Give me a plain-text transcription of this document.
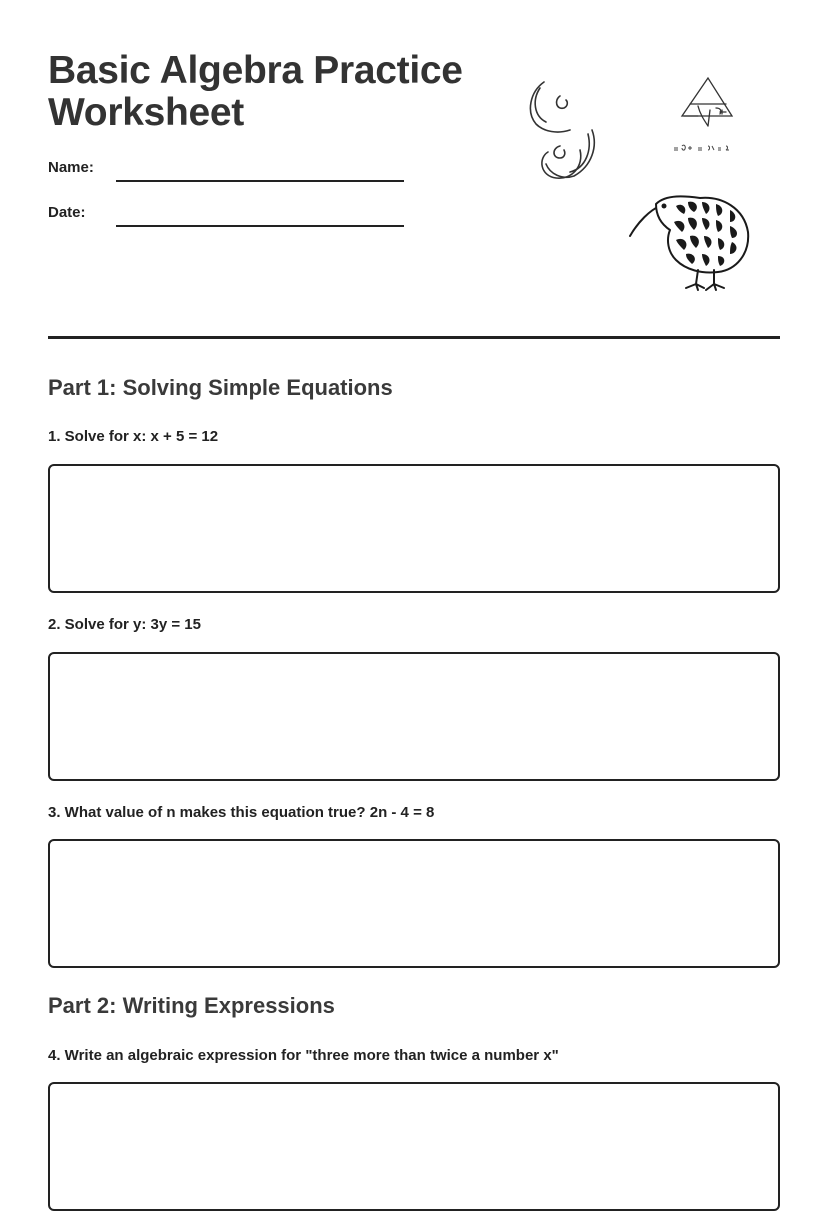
Basic Algebra Practice
Worksheet
Name:
Date:
Part 1: Solving Simple Equations
1. Solve for x: x + 5 = 12
2. Solve for y: 3y = 15
3. What value of n makes this equation true? 2n - 4 = 8
Part 2: Writing Expressions
4. Write an algebraic expression for "three more than twice a number x"
